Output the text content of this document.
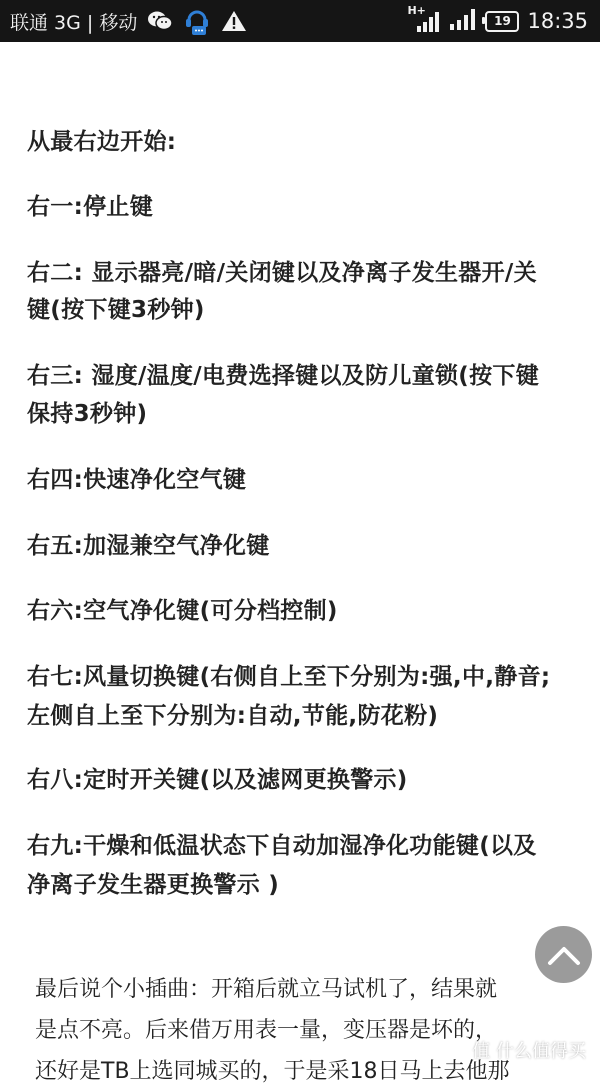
联通 3G | 移动
H+
19 18:35
从最右边开始:
右一:停止键
右二: 显示器亮/暗/关闭键以及净离子发生器开/关
键(按下键3秒钟)
右三: 湿度/温度/电费选择键以及防儿童锁(按下键
保持3秒钟)
右四:快速净化空气键
右五:加湿兼空气净化键
右六:空气净化键(可分档控制)
右七:风量切换键(右侧自上至下分别为:强,中,静音;
左侧自上至下分别为:自动,节能,防花粉)
右八:定时开关键(以及滤网更换警示)
右九:干燥和低温状态下自动加湿净化功能键(以及
净离子发生器更换警示 )
最后说个小插曲：开箱后就立马试机了，结果就
是点不亮。后来借万用表一量，变压器是坏的，
还好是TB上选同城买的，于是采18日马上去他那
值 什么值得买
